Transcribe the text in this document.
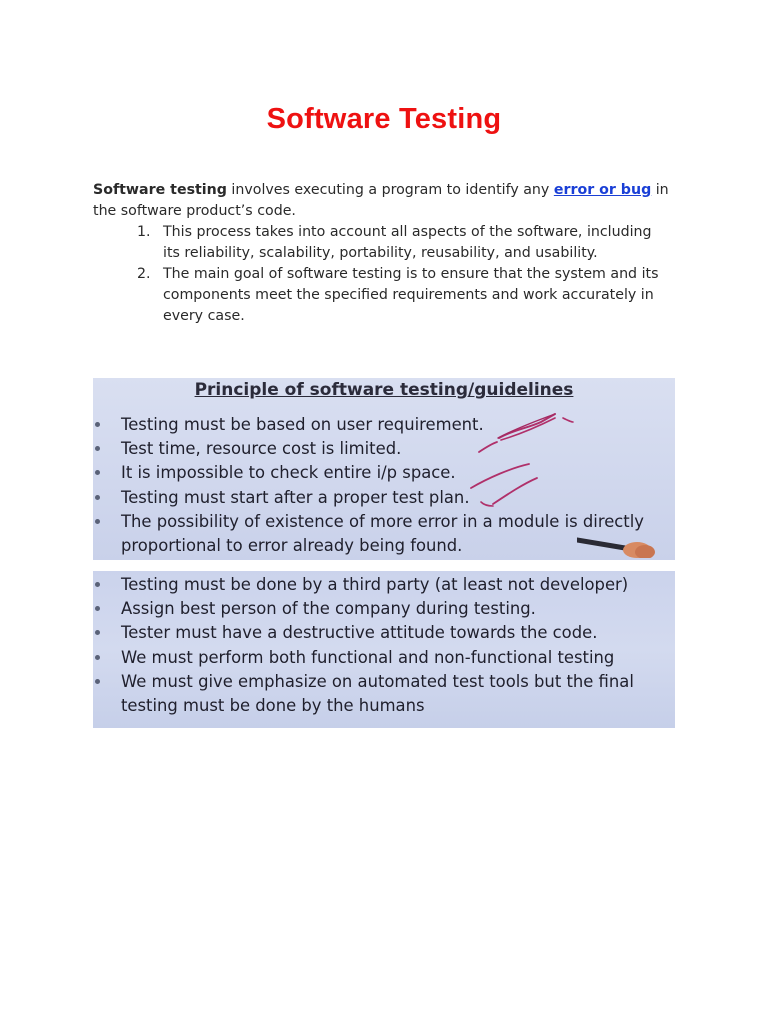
Software Testing
Software testing involves executing a program to identify any error or bug in the software product’s code.
1. This process takes into account all aspects of the software, including its reliability, scalability, portability, reusability, and usability.
2. The main goal of software testing is to ensure that the system and its components meet the specified requirements and work accurately in every case.
Principle of software testing/guidelines
Testing must be based on user requirement.
Test time, resource cost is limited.
It is impossible to check entire i/p space.
Testing must start after a proper test plan.
The possibility of existence of more error in a module is directly proportional to error already being found.
Testing must be done by a third party (at least not developer)
Assign best person of the company during testing.
Tester must have a destructive attitude towards the code.
We must perform both functional and non-functional testing
We must give emphasize on automated test tools but the final testing must be done by the humans
